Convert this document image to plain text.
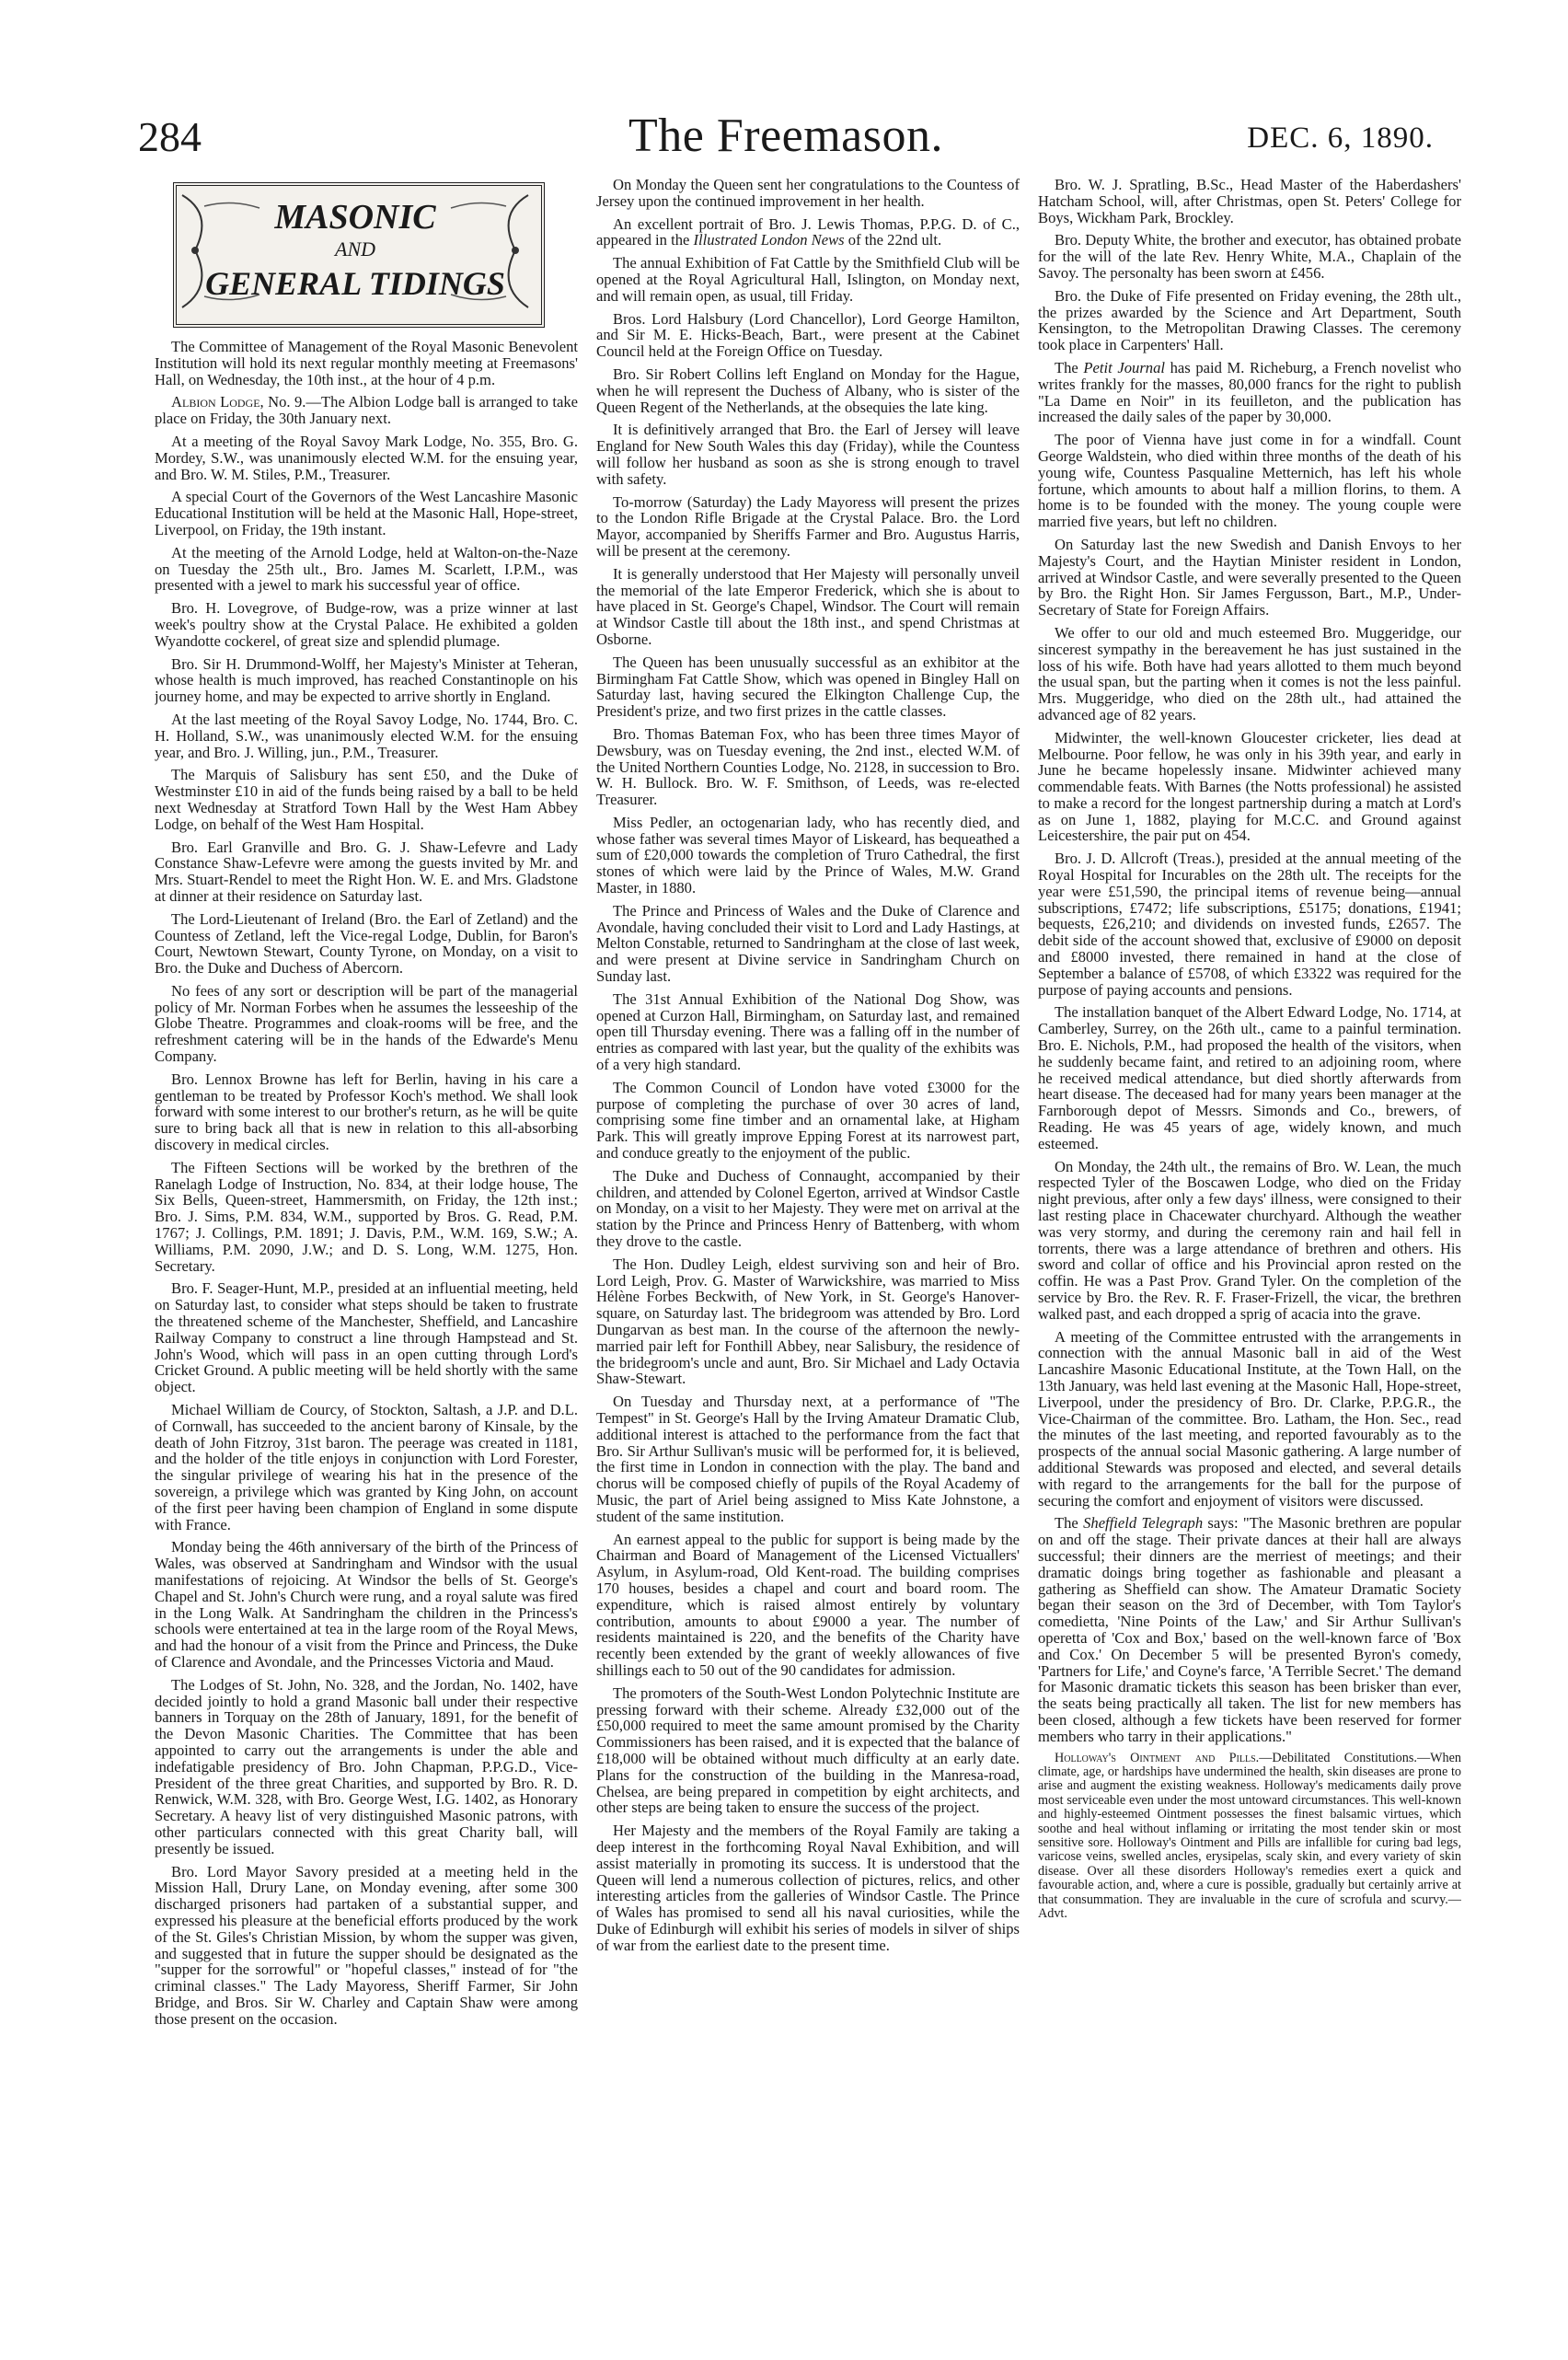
284	The Freemason.	DEC. 6, 1890.
MASONIC
AND
GENERAL TIDINGS

The Committee of Management of the Royal Masonic Benevolent Institution will hold its next regular monthly meeting at Freemasons' Hall, on Wednesday, the 10th inst., at the hour of 4 p.m.

Albion Lodge, No. 9.—The Albion Lodge ball is arranged to take place on Friday, the 30th January next.

At a meeting of the Royal Savoy Mark Lodge, No. 355, Bro. G. Mordey, S.W., was unanimously elected W.M. for the ensuing year, and Bro. W. M. Stiles, P.M., Treasurer.

A special Court of the Governors of the West Lancashire Masonic Educational Institution will be held at the Masonic Hall, Hope-street, Liverpool, on Friday, the 19th instant.

At the meeting of the Arnold Lodge, held at Walton-on-the-Naze on Tuesday the 25th ult., Bro. James M. Scarlett, I.P.M., was presented with a jewel to mark his successful year of office.

Bro. H. Lovegrove, of Budge-row, was a prize winner at last week's poultry show at the Crystal Palace. He exhibited a golden Wyandotte cockerel, of great size and splendid plumage.

Bro. Sir H. Drummond-Wolff, her Majesty's Minister at Teheran, whose health is much improved, has reached Constantinople on his journey home, and may be expected to arrive shortly in England.

At the last meeting of the Royal Savoy Lodge, No. 1744, Bro. C. H. Holland, S.W., was unanimously elected W.M. for the ensuing year, and Bro. J. Willing, jun., P.M., Treasurer.

The Marquis of Salisbury has sent £50, and the Duke of Westminster £10 in aid of the funds being raised by a ball to be held next Wednesday at Stratford Town Hall by the West Ham Abbey Lodge, on behalf of the West Ham Hospital.

Bro. Earl Granville and Bro. G. J. Shaw-Lefevre and Lady Constance Shaw-Lefevre were among the guests invited by Mr. and Mrs. Stuart-Rendel to meet the Right Hon. W. E. and Mrs. Gladstone at dinner at their residence on Saturday last.

The Lord-Lieutenant of Ireland (Bro. the Earl of Zetland) and the Countess of Zetland, left the Vice-regal Lodge, Dublin, for Baron's Court, Newtown Stewart, County Tyrone, on Monday, on a visit to Bro. the Duke and Duchess of Abercorn.

No fees of any sort or description will be part of the managerial policy of Mr. Norman Forbes when he assumes the lesseeship of the Globe Theatre. Programmes and cloak-rooms will be free, and the refreshment catering will be in the hands of the Edwarde's Menu Company.

Bro. Lennox Browne has left for Berlin, having in his care a gentleman to be treated by Professor Koch's method. We shall look forward with some interest to our brother's return, as he will be quite sure to bring back all that is new in relation to this all-absorbing discovery in medical circles.

The Fifteen Sections will be worked by the brethren of the Ranelagh Lodge of Instruction, No. 834, at their lodge house, The Six Bells, Queen-street, Hammersmith, on Friday, the 12th inst.; Bro. J. Sims, P.M. 834, W.M., supported by Bros. G. Read, P.M. 1767; J. Collings, P.M. 1891; J. Davis, P.M., W.M. 169, S.W.; A. Williams, P.M. 2090, J.W.; and D. S. Long, W.M. 1275, Hon. Secretary.

Bro. F. Seager-Hunt, M.P., presided at an influential meeting, held on Saturday last, to consider what steps should be taken to frustrate the threatened scheme of the Manchester, Sheffield, and Lancashire Railway Company to construct a line through Hampstead and St. John's Wood, which will pass in an open cutting through Lord's Cricket Ground. A public meeting will be held shortly with the same object.

Michael William de Courcy, of Stockton, Saltash, a J.P. and D.L. of Cornwall, has succeeded to the ancient barony of Kinsale, by the death of John Fitzroy, 31st baron. The peerage was created in 1181, and the holder of the title enjoys in conjunction with Lord Forester, the singular privilege of wearing his hat in the presence of the sovereign, a privilege which was granted by King John, on account of the first peer having been champion of England in some dispute with France.

Monday being the 46th anniversary of the birth of the Princess of Wales, was observed at Sandringham and Windsor with the usual manifestations of rejoicing. At Windsor the bells of St. George's Chapel and St. John's Church were rung, and a royal salute was fired in the Long Walk. At Sandringham the children in the Princess's schools were entertained at tea in the large room of the Royal Mews, and had the honour of a visit from the Prince and Princess, the Duke of Clarence and Avondale, and the Princesses Victoria and Maud.

The Lodges of St. John, No. 328, and the Jordan, No. 1402, have decided jointly to hold a grand Masonic ball under their respective banners in Torquay on the 28th of January, 1891, for the benefit of the Devon Masonic Charities. The Committee that has been appointed to carry out the arrangements is under the able and indefatigable presidency of Bro. John Chapman, P.P.G.D., Vice-President of the three great Charities, and supported by Bro. R. D. Renwick, W.M. 328, with Bro. George West, I.G. 1402, as Honorary Secretary. A heavy list of very distinguished Masonic patrons, with other particulars connected with this great Charity ball, will presently be issued.

Bro. Lord Mayor Savory presided at a meeting held in the Mission Hall, Drury Lane, on Monday evening, after some 300 discharged prisoners had partaken of a substantial supper, and expressed his pleasure at the beneficial efforts produced by the work of the St. Giles's Christian Mission, by whom the supper was given, and suggested that in future the supper should be designated as the "supper for the sorrowful" or "hopeful classes," instead of for "the criminal classes." The Lady Mayoress, Sheriff Farmer, Sir John Bridge, and Bros. Sir W. Charley and Captain Shaw were among those present on the occasion.

On Monday the Queen sent her congratulations to the Countess of Jersey upon the continued improvement in her health.

An excellent portrait of Bro. J. Lewis Thomas, P.P.G. D. of C., appeared in the Illustrated London News of the 22nd ult.

The annual Exhibition of Fat Cattle by the Smithfield Club will be opened at the Royal Agricultural Hall, Islington, on Monday next, and will remain open, as usual, till Friday.

Bros. Lord Halsbury (Lord Chancellor), Lord George Hamilton, and Sir M. E. Hicks-Beach, Bart., were present at the Cabinet Council held at the Foreign Office on Tuesday.

Bro. Sir Robert Collins left England on Monday for the Hague, when he will represent the Duchess of Albany, who is sister of the Queen Regent of the Netherlands, at the obsequies the late king.

It is definitively arranged that Bro. the Earl of Jersey will leave England for New South Wales this day (Friday), while the Countess will follow her husband as soon as she is strong enough to travel with safety.

To-morrow (Saturday) the Lady Mayoress will present the prizes to the London Rifle Brigade at the Crystal Palace. Bro. the Lord Mayor, accompanied by Sheriffs Farmer and Bro. Augustus Harris, will be present at the ceremony.

It is generally understood that Her Majesty will personally unveil the memorial of the late Emperor Frederick, which she is about to have placed in St. George's Chapel, Windsor. The Court will remain at Windsor Castle till about the 18th inst., and spend Christmas at Osborne.

The Queen has been unusually successful as an exhibitor at the Birmingham Fat Cattle Show, which was opened in Bingley Hall on Saturday last, having secured the Elkington Challenge Cup, the President's prize, and two first prizes in the cattle classes.

Bro. Thomas Bateman Fox, who has been three times Mayor of Dewsbury, was on Tuesday evening, the 2nd inst., elected W.M. of the United Northern Counties Lodge, No. 2128, in succession to Bro. W. H. Bullock. Bro. W. F. Smithson, of Leeds, was re-elected Treasurer.

Miss Pedler, an octogenarian lady, who has recently died, and whose father was several times Mayor of Liskeard, has bequeathed a sum of £20,000 towards the completion of Truro Cathedral, the first stones of which were laid by the Prince of Wales, M.W. Grand Master, in 1880.

The Prince and Princess of Wales and the Duke of Clarence and Avondale, having concluded their visit to Lord and Lady Hastings, at Melton Constable, returned to Sandringham at the close of last week, and were present at Divine service in Sandringham Church on Sunday last.

The 31st Annual Exhibition of the National Dog Show, was opened at Curzon Hall, Birmingham, on Saturday last, and remained open till Thursday evening. There was a falling off in the number of entries as compared with last year, but the quality of the exhibits was of a very high standard.

The Common Council of London have voted £3000 for the purpose of completing the purchase of over 30 acres of land, comprising some fine timber and an ornamental lake, at Higham Park. This will greatly improve Epping Forest at its narrowest part, and conduce greatly to the enjoyment of the public.

The Duke and Duchess of Connaught, accompanied by their children, and attended by Colonel Egerton, arrived at Windsor Castle on Monday, on a visit to her Majesty. They were met on arrival at the station by the Prince and Princess Henry of Battenberg, with whom they drove to the castle.

The Hon. Dudley Leigh, eldest surviving son and heir of Bro. Lord Leigh, Prov. G. Master of Warwickshire, was married to Miss Hélène Forbes Beckwith, of New York, in St. George's Hanover-square, on Saturday last. The bridegroom was attended by Bro. Lord Dungarvan as best man. In the course of the afternoon the newly-married pair left for Fonthill Abbey, near Salisbury, the residence of the bridegroom's uncle and aunt, Bro. Sir Michael and Lady Octavia Shaw-Stewart.

On Tuesday and Thursday next, at a performance of "The Tempest" in St. George's Hall by the Irving Amateur Dramatic Club, additional interest is attached to the performance from the fact that Bro. Sir Arthur Sullivan's music will be performed for, it is believed, the first time in London in connection with the play. The band and chorus will be composed chiefly of pupils of the Royal Academy of Music, the part of Ariel being assigned to Miss Kate Johnstone, a student of the same institution.

An earnest appeal to the public for support is being made by the Chairman and Board of Management of the Licensed Victuallers' Asylum, in Asylum-road, Old Kent-road. The building comprises 170 houses, besides a chapel and court and board room. The expenditure, which is raised almost entirely by voluntary contribution, amounts to about £9000 a year. The number of residents maintained is 220, and the benefits of the Charity have recently been extended by the grant of weekly allowances of five shillings each to 50 out of the 90 candidates for admission.

The promoters of the South-West London Polytechnic Institute are pressing forward with their scheme. Already £32,000 out of the £50,000 required to meet the same amount promised by the Charity Commissioners has been raised, and it is expected that the balance of £18,000 will be obtained without much difficulty at an early date. Plans for the construction of the building in the Manresa-road, Chelsea, are being prepared in competition by eight architects, and other steps are being taken to ensure the success of the project.

Her Majesty and the members of the Royal Family are taking a deep interest in the forthcoming Royal Naval Exhibition, and will assist materially in promoting its success. It is understood that the Queen will lend a numerous collection of pictures, relics, and other interesting articles from the galleries of Windsor Castle. The Prince of Wales has promised to send all his naval curiosities, while the Duke of Edinburgh will exhibit his series of models in silver of ships of war from the earliest date to the present time.

Bro. W. J. Spratling, B.Sc., Head Master of the Haberdashers' Hatcham School, will, after Christmas, open St. Peters' College for Boys, Wickham Park, Brockley.

Bro. Deputy White, the brother and executor, has obtained probate for the will of the late Rev. Henry White, M.A., Chaplain of the Savoy. The personalty has been sworn at £456.

Bro. the Duke of Fife presented on Friday evening, the 28th ult., the prizes awarded by the Science and Art Department, South Kensington, to the Metropolitan Drawing Classes. The ceremony took place in Carpenters' Hall.

The Petit Journal has paid M. Richeburg, a French novelist who writes frankly for the masses, 80,000 francs for the right to publish "La Dame en Noir" in its feuilleton, and the publication has increased the daily sales of the paper by 30,000.

The poor of Vienna have just come in for a windfall. Count George Waldstein, who died within three months of the death of his young wife, Countess Pasqualine Metternich, has left his whole fortune, which amounts to about half a million florins, to them. A home is to be founded with the money. The young couple were married five years, but left no children.

On Saturday last the new Swedish and Danish Envoys to her Majesty's Court, and the Haytian Minister resident in London, arrived at Windsor Castle, and were severally presented to the Queen by Bro. the Right Hon. Sir James Fergusson, Bart., M.P., Under-Secretary of State for Foreign Affairs.

We offer to our old and much esteemed Bro. Muggeridge, our sincerest sympathy in the bereavement he has just sustained in the loss of his wife. Both have had years allotted to them much beyond the usual span, but the parting when it comes is not the less painful. Mrs. Muggeridge, who died on the 28th ult., had attained the advanced age of 82 years.

Midwinter, the well-known Gloucester cricketer, lies dead at Melbourne. Poor fellow, he was only in his 39th year, and early in June he became hopelessly insane. Midwinter achieved many commendable feats. With Barnes (the Notts professional) he assisted to make a record for the longest partnership during a match at Lord's as on June 1, 1882, playing for M.C.C. and Ground against Leicestershire, the pair put on 454.

Bro. J. D. Allcroft (Treas.), presided at the annual meeting of the Royal Hospital for Incurables on the 28th ult. The receipts for the year were £51,590, the principal items of revenue being—annual subscriptions, £7472; life subscriptions, £5175; donations, £1941; bequests, £26,210; and dividends on invested funds, £2657. The debit side of the account showed that, exclusive of £9000 on deposit and £8000 invested, there remained in hand at the close of September a balance of £5708, of which £3322 was required for the purpose of paying accounts and pensions.

The installation banquet of the Albert Edward Lodge, No. 1714, at Camberley, Surrey, on the 26th ult., came to a painful termination. Bro. E. Nichols, P.M., had proposed the health of the visitors, when he suddenly became faint, and retired to an adjoining room, where he received medical attendance, but died shortly afterwards from heart disease. The deceased had for many years been manager at the Farnborough depot of Messrs. Simonds and Co., brewers, of Reading. He was 45 years of age, widely known, and much esteemed.

On Monday, the 24th ult., the remains of Bro. W. Lean, the much respected Tyler of the Boscawen Lodge, who died on the Friday night previous, after only a few days' illness, were consigned to their last resting place in Chacewater churchyard. Although the weather was very stormy, and during the ceremony rain and hail fell in torrents, there was a large attendance of brethren and others. His sword and collar of office and his Provincial apron rested on the coffin. He was a Past Prov. Grand Tyler. On the completion of the service by Bro. the Rev. R. F. Fraser-Frizell, the vicar, the brethren walked past, and each dropped a sprig of acacia into the grave.

A meeting of the Committee entrusted with the arrangements in connection with the annual Masonic ball in aid of the West Lancashire Masonic Educational Institute, at the Town Hall, on the 13th January, was held last evening at the Masonic Hall, Hope-street, Liverpool, under the presidency of Bro. Dr. Clarke, P.P.G.R., the Vice-Chairman of the committee. Bro. Latham, the Hon. Sec., read the minutes of the last meeting, and reported favourably as to the prospects of the annual social Masonic gathering. A large number of additional Stewards was proposed and elected, and several details with regard to the arrangements for the ball for the purpose of securing the comfort and enjoyment of visitors were discussed.

The Sheffield Telegraph says: "The Masonic brethren are popular on and off the stage. Their private dances at their hall are always successful; their dinners are the merriest of meetings; and their dramatic doings bring together as fashionable and pleasant a gathering as Sheffield can show. The Amateur Dramatic Society began their season on the 3rd of December, with Tom Taylor's comedietta, 'Nine Points of the Law,' and Sir Arthur Sullivan's operetta of 'Cox and Box,' based on the well-known farce of 'Box and Cox.' On December 5 will be presented Byron's comedy, 'Partners for Life,' and Coyne's farce, 'A Terrible Secret.' The demand for Masonic dramatic tickets this season has been brisker than ever, the seats being practically all taken. The list for new members has been closed, although a few tickets have been reserved for former members who tarry in their applications."

Holloway's Ointment and Pills.—Debilitated Constitutions.—When climate, age, or hardships have undermined the health, skin diseases are prone to arise and augment the existing weakness. Holloway's medicaments daily prove most serviceable even under the most untoward circumstances. This well-known and highly-esteemed Ointment possesses the finest balsamic virtues, which soothe and heal without inflaming or irritating the most tender skin or most sensitive sore. Holloway's Ointment and Pills are infallible for curing bad legs, varicose veins, swelled ancles, erysipelas, scaly skin, and every variety of skin disease. Over all these disorders Holloway's remedies exert a quick and favourable action, and, where a cure is possible, gradually but certainly arrive at that consummation. They are invaluable in the cure of scrofula and scurvy.—Advt.
